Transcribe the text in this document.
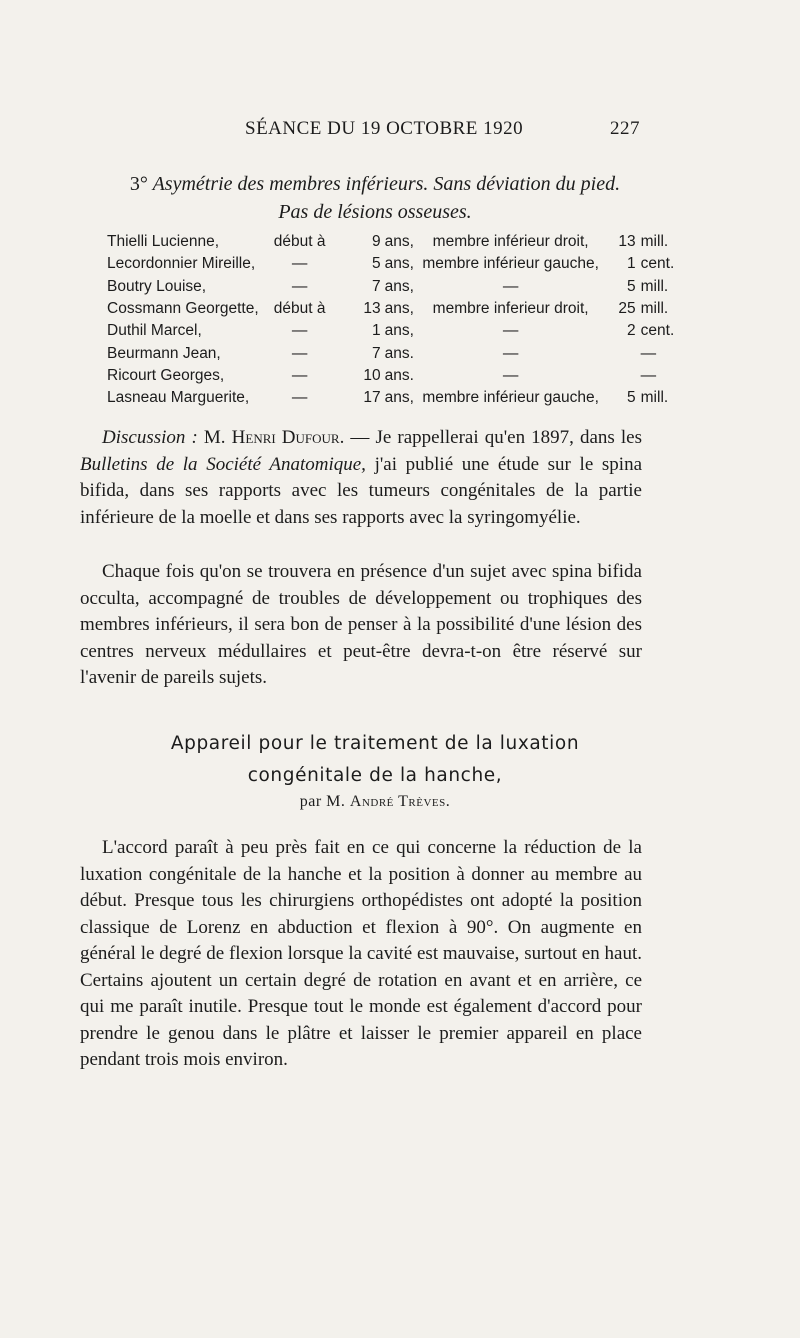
SÉANCE DU 19 OCTOBRE 1920	227
3° Asymétrie des membres inférieurs. Sans déviation du pied.
Pas de lésions osseuses.
Thielli Lucienne,	début à	9	ans,	membre inférieur droit,	13	mill.
Lecordonnier Mireille,	—	5	ans,	membre inférieur gauche,	1	cent.
Boutry Louise,	—	7	ans,	—	5	mill.
Cossmann Georgette,	début à	13	ans,	membre inferieur droit,	25	mill.
Duthil Marcel,	—	1	ans,	—	2	cent.
Beurmann Jean,	—	7	ans.	—		—
Ricourt Georges,	—	10	ans.	—		—
Lasneau Marguerite,	—	17	ans,	membre inférieur gauche,	5	mill.

Discussion : M. Henri Dufour. — Je rappellerai qu'en 1897, dans les Bulletins de la Société Anatomique, j'ai publié une étude sur le spina bifida, dans ses rapports avec les tumeurs congénitales de la partie inférieure de la moelle et dans ses rapports avec la syringomyélie.

Chaque fois qu'on se trouvera en présence d'un sujet avec spina bifida occulta, accompagné de troubles de développement ou trophiques des membres inférieurs, il sera bon de penser à la possibilité d'une lésion des centres nerveux médullaires et peut-être devra-t-on être réservé sur l'avenir de pareils sujets.

Appareil pour le traitement de la luxation
congénitale de la hanche,
par M. André Trèves.

L'accord paraît à peu près fait en ce qui concerne la réduction de la luxation congénitale de la hanche et la position à donner au membre au début. Presque tous les chirurgiens orthopédistes ont adopté la position classique de Lorenz en abduction et flexion à 90°. On augmente en général le degré de flexion lorsque la cavité est mauvaise, surtout en haut. Certains ajoutent un certain degré de rotation en avant et en arrière, ce qui me paraît inutile. Presque tout le monde est également d'accord pour prendre le genou dans le plâtre et laisser le premier appareil en place pendant trois mois environ.
